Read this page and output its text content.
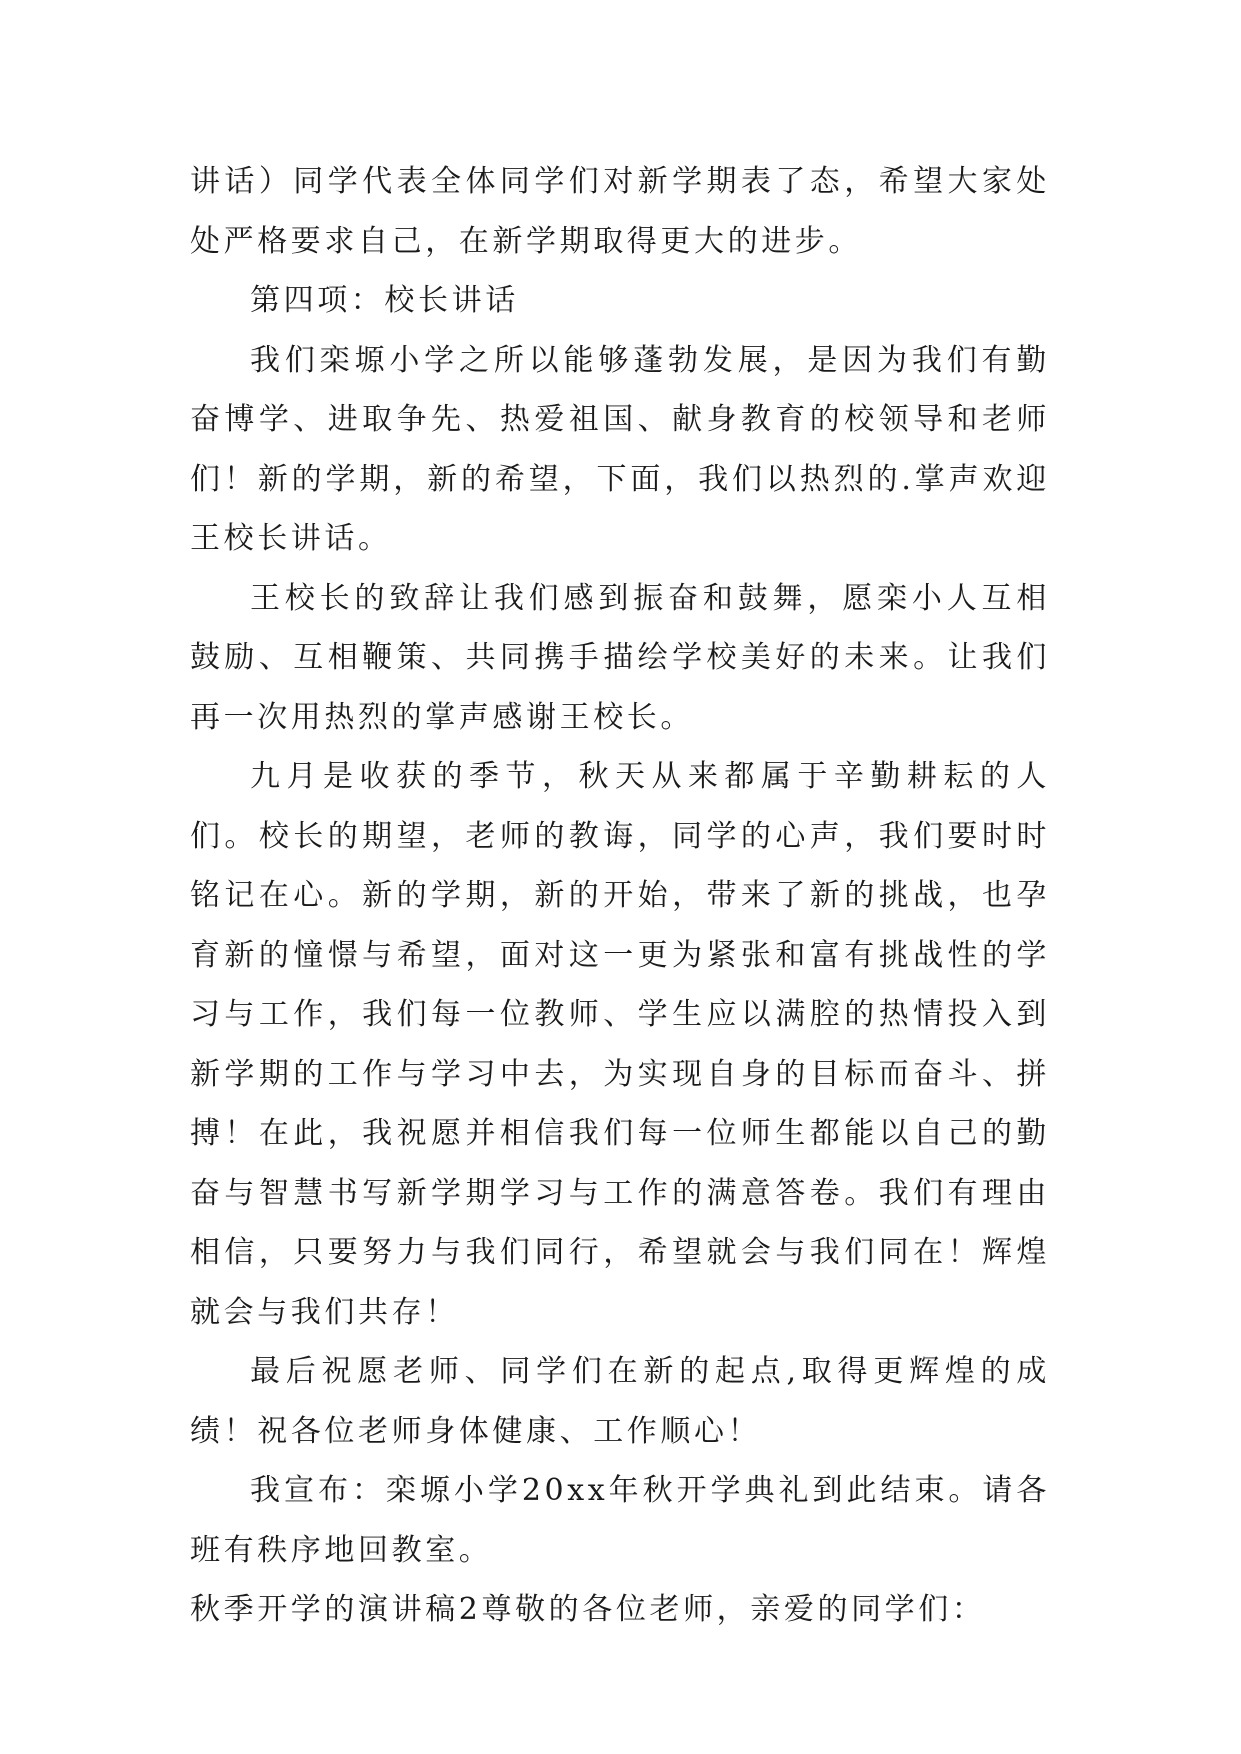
讲话）同学代表全体同学们对新学期表了态，希望大家处处严格要求自己，在新学期取得更大的进步。

第四项：校长讲话

我们栾塬小学之所以能够蓬勃发展，是因为我们有勤奋博学、进取争先、热爱祖国、献身教育的校领导和老师们！新的学期，新的希望，下面，我们以热烈的.掌声欢迎王校长讲话。

王校长的致辞让我们感到振奋和鼓舞，愿栾小人互相鼓励、互相鞭策、共同携手描绘学校美好的未来。让我们再一次用热烈的掌声感谢王校长。

九月是收获的季节，秋天从来都属于辛勤耕耘的人们。校长的期望，老师的教诲，同学的心声，我们要时时铭记在心。新的学期，新的开始，带来了新的挑战，也孕育新的憧憬与希望，面对这一更为紧张和富有挑战性的学习与工作，我们每一位教师、学生应以满腔的热情投入到新学期的工作与学习中去，为实现自身的目标而奋斗、拼搏！在此，我祝愿并相信我们每一位师生都能以自己的勤奋与智慧书写新学期学习与工作的满意答卷。我们有理由相信，只要努力与我们同行，希望就会与我们同在！辉煌就会与我们共存！

最后祝愿老师、同学们在新的起点,取得更辉煌的成绩！祝各位老师身体健康、工作顺心！

我宣布：栾塬小学20xx年秋开学典礼到此结束。请各班有秩序地回教室。

秋季开学的演讲稿2尊敬的各位老师，亲爱的同学们：
